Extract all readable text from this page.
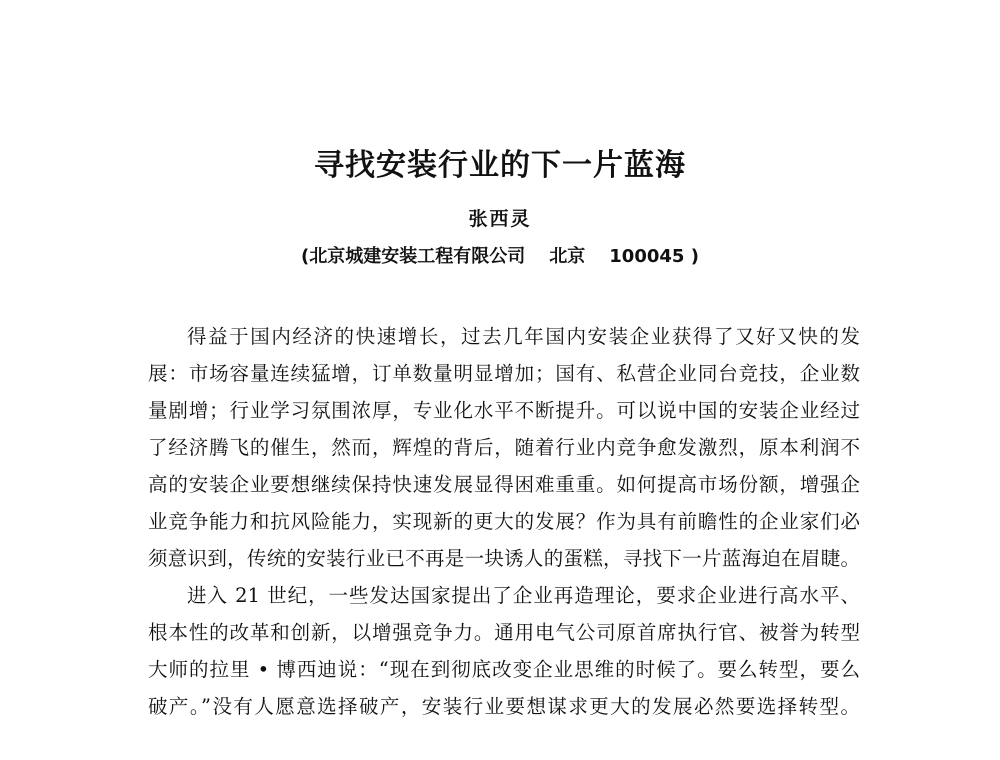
寻找安装行业的下一片蓝海
张西灵
(北京城建安装工程有限公司 北京 100045 )
得益于国内经济的快速增长，过去几年国内安装企业获得了又好又快的发
展：市场容量连续猛增，订单数量明显增加；国有、私营企业同台竞技，企业数
量剧增；行业学习氛围浓厚，专业化水平不断提升。可以说中国的安装企业经过
了经济腾飞的催生，然而，辉煌的背后，随着行业内竞争愈发激烈，原本利润不
高的安装企业要想继续保持快速发展显得困难重重。如何提高市场份额，增强企
业竞争能力和抗风险能力，实现新的更大的发展？作为具有前瞻性的企业家们必
须意识到，传统的安装行业已不再是一块诱人的蛋糕，寻找下一片蓝海迫在眉睫。
进入 21 世纪，一些发达国家提出了企业再造理论，要求企业进行高水平、
根本性的改革和创新，以增强竞争力。通用电气公司原首席执行官、被誉为转型
大师的拉里 • 博西迪说：“现在到彻底改变企业思维的时候了。要么转型，要么
破产。”没有人愿意选择破产，安装行业要想谋求更大的发展必然要选择转型。
